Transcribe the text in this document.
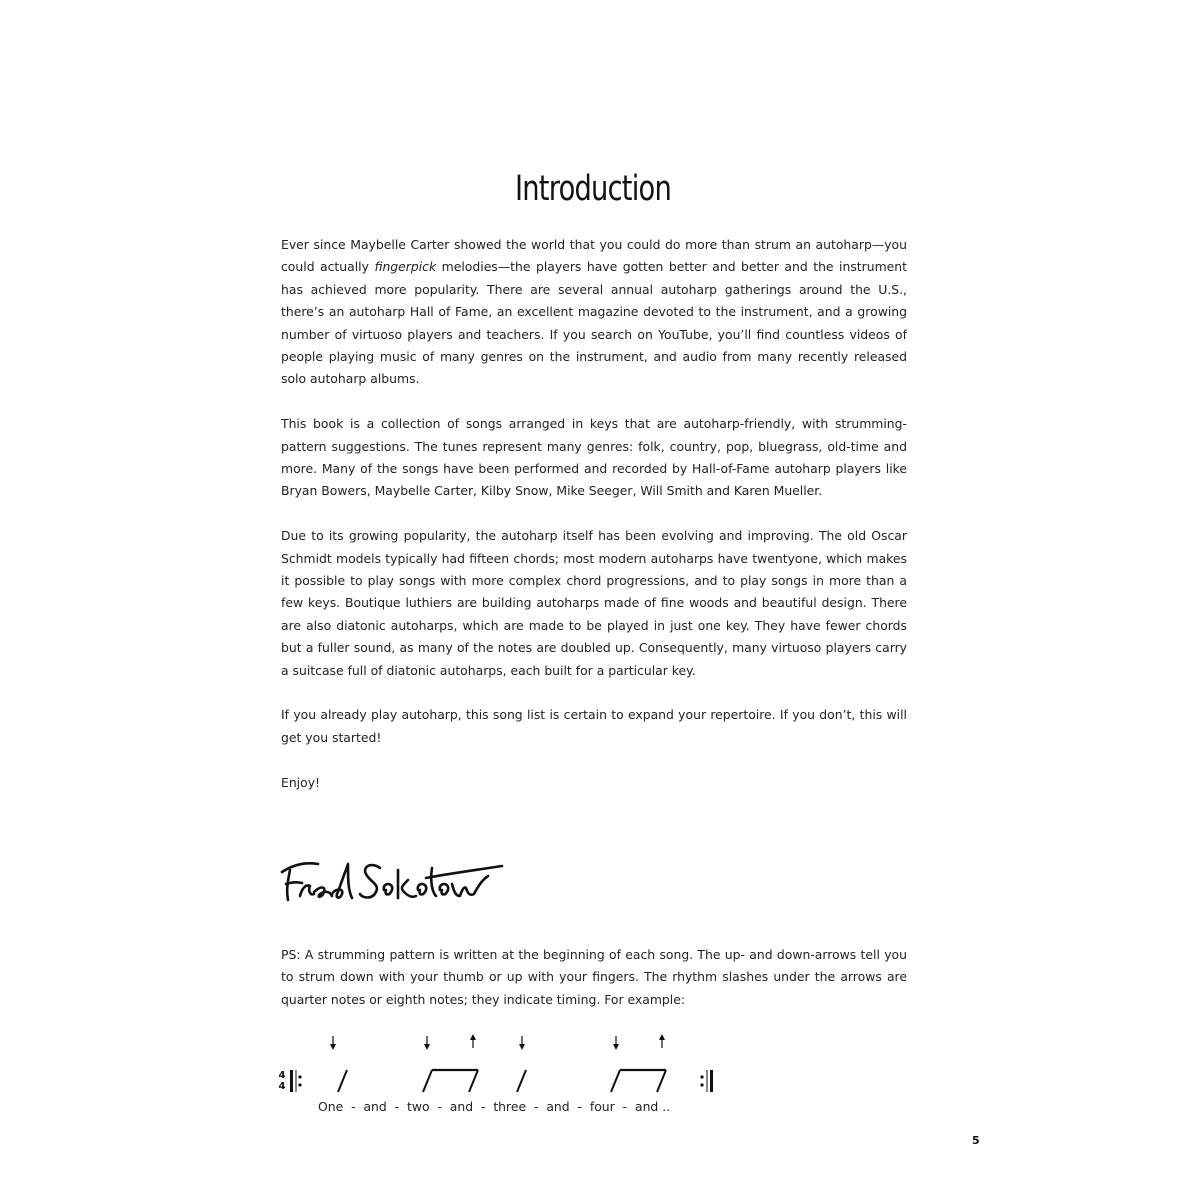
Introduction

Ever since Maybelle Carter showed the world that you could do more than strum an autoharp—you could actually fingerpick melodies—the players have gotten better and better and the instrument has achieved more popularity. There are several annual autoharp gatherings around the U.S., there’s an autoharp Hall of Fame, an excellent magazine devoted to the instrument, and a growing number of virtuoso players and teachers. If you search on YouTube, you’ll find countless videos of people playing music of many genres on the instrument, and audio from many recently released solo autoharp albums.

This book is a collection of songs arranged in keys that are autoharp-friendly, with strumming-pattern suggestions. The tunes represent many genres: folk, country, pop, bluegrass, old-time and more. Many of the songs have been performed and recorded by Hall-of-Fame autoharp players like Bryan Bowers, Maybelle Carter, Kilby Snow, Mike Seeger, Will Smith and Karen Mueller.

Due to its growing popularity, the autoharp itself has been evolving and improving. The old Oscar Schmidt models typically had fifteen chords; most modern autoharps have twentyone, which makes it possible to play songs with more complex chord progressions, and to play songs in more than a few keys. Boutique luthiers are building autoharps made of fine woods and beautiful design. There are also diatonic autoharps, which are made to be played in just one key. They have fewer chords but a fuller sound, as many of the notes are doubled up. Consequently, many virtuoso players carry a suitcase full of diatonic autoharps, each built for a particular key.

If you already play autoharp, this song list is certain to expand your repertoire. If you don’t, this will get you started!

Enjoy!

PS: A strumming pattern is written at the beginning of each song. The up- and down-arrows tell you to strum down with your thumb or up with your fingers. The rhythm slashes under the arrows are quarter notes or eighth notes; they indicate timing. For example:

4
4
One  -  and  -  two  -  and  -  three  -  and  -  four  -  and ..
5
